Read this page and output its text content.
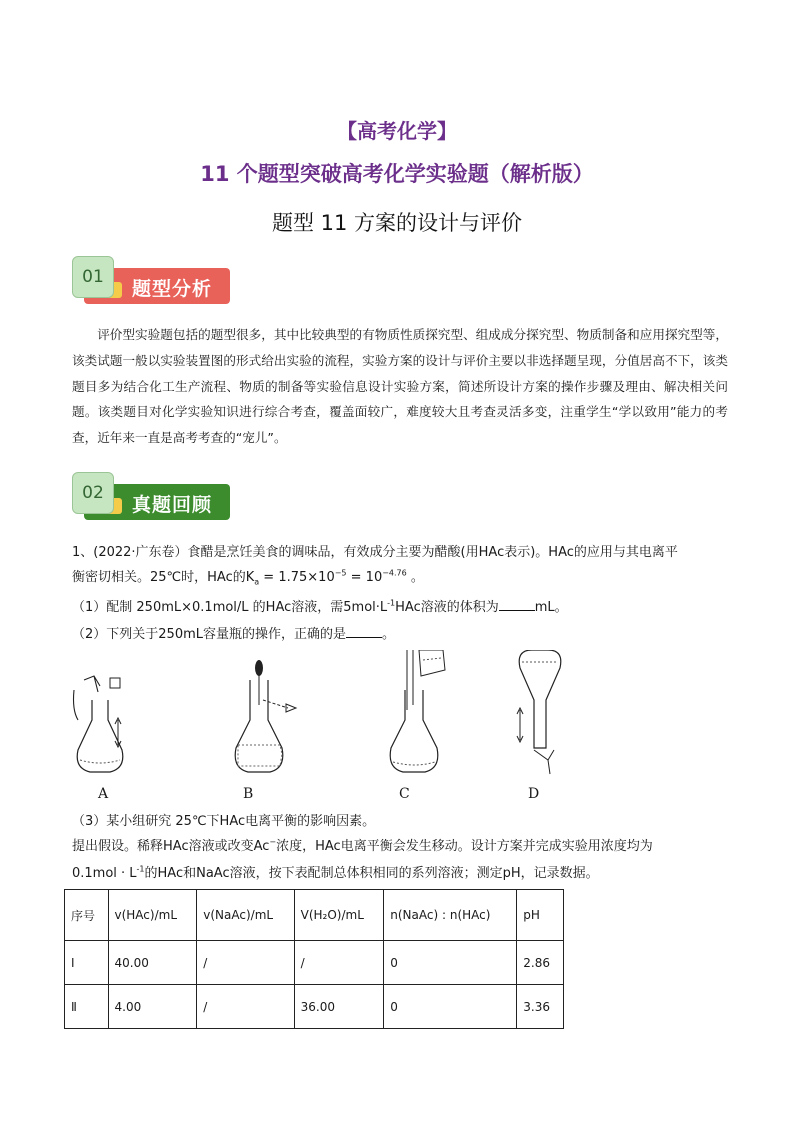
【高考化学】
11 个题型突破高考化学实验题（解析版）
题型 11 方案的设计与评价
01
题型分析
评价型实验题包括的题型很多，其中比较典型的有物质性质探究型、组成成分探究型、物质制备和应用探究型等，该类试题一般以实验装置图的形式给出实验的流程，实验方案的设计与评价主要以非选择题呈现，分值居高不下，该类题目多为结合化工生产流程、物质的制备等实验信息设计实验方案，简述所设计方案的操作步骤及理由、解决相关问题。该类题目对化学实验知识进行综合考查，覆盖面较广，难度较大且考查灵活多变，注重学生“学以致用”能力的考查，近年来一直是高考考查的“宠儿”。
02
真题回顾
1、(2022·广东卷）食醋是烹饪美食的调味品，有效成分主要为醋酸(用HAc表示)。HAc的应用与其电离平
衡密切相关。25℃时，HAc的$K_a = 1.75\times 10^{-5} = 10^{-4.76}$ 。
（1）配制 250mL×0.1mol/L 的HAc溶液，需$5mol\cdot L^{-1}HAc$溶液的体积为	mL。
（2）下列关于250mL容量瓶的操作，正确的是	。
A	B	C	D
（3）某小组研究 25℃下HAc电离平衡的影响因素。
提出假设。稀释HAc溶液或改变Ac−浓度，HAc电离平衡会发生移动。设计方案并完成实验用浓度均为
$0.1mol \cdot L^{-1}$的HAc和NaAc溶液，按下表配制总体积相同的系列溶液；测定pH，记录数据。
序号	v(HAc)/mL	v(NaAc)/mL	V(H₂O)/mL	n(NaAc) : n(HAc)	pH
Ⅰ	40.00	/	/	0	2.86
Ⅱ	4.00	/	36.00	0	3.36
